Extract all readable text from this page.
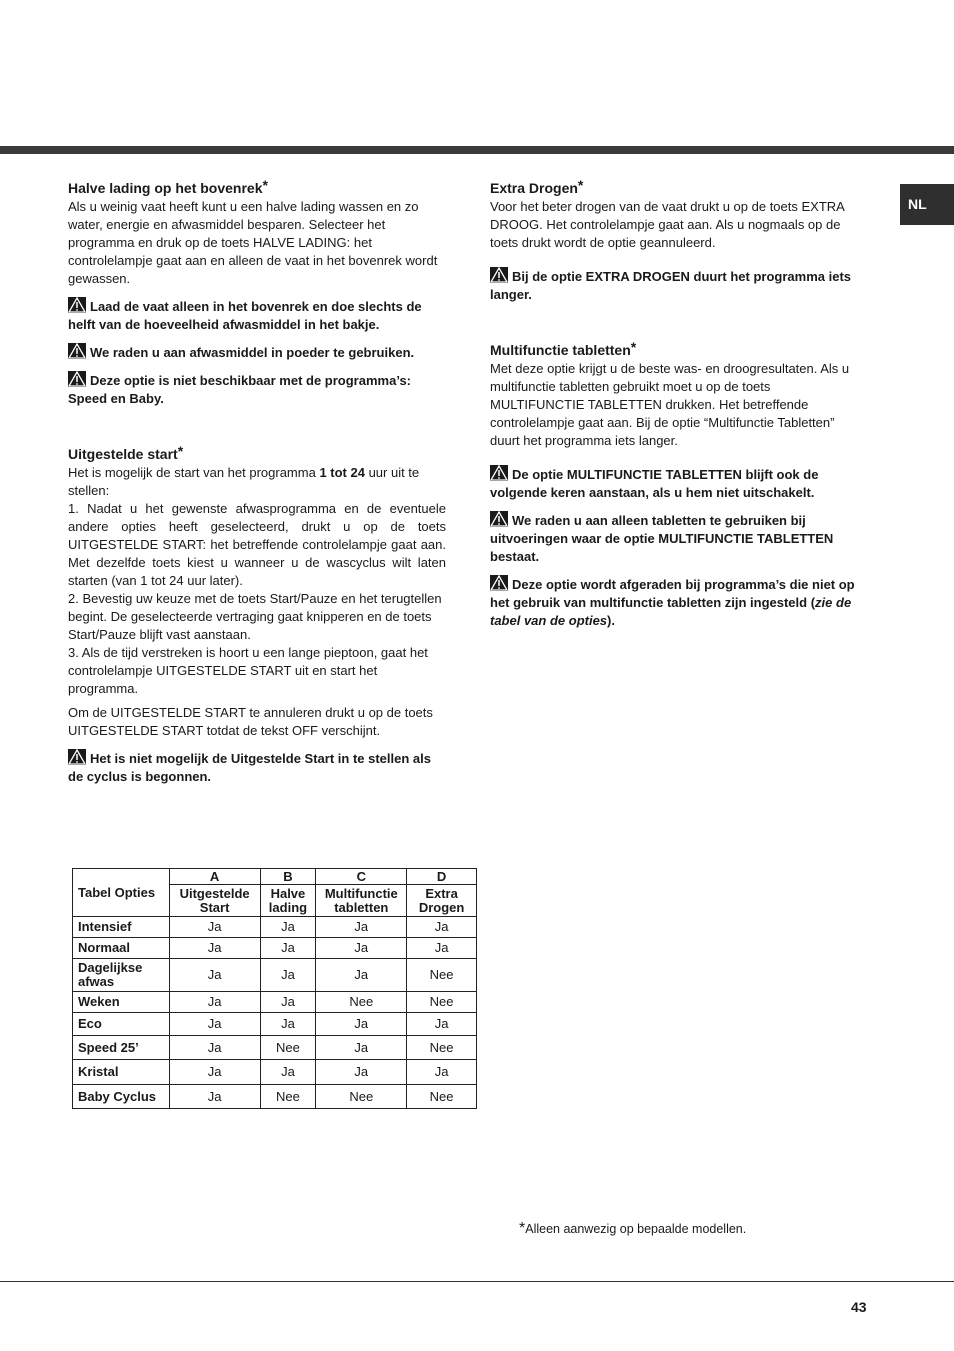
NL
Halve lading op het bovenrek*

Als u weinig vaat heeft kunt u een halve lading wassen en zo water, energie en afwasmiddel besparen. Selecteer het programma en druk op de toets HALVE LADING: het controlelampje gaat aan en alleen de vaat in het bovenrek wordt gewassen.

Laad de vaat alleen in het bovenrek en doe slechts de helft van de hoeveelheid afwasmiddel in het bakje.

We raden u aan afwasmiddel in poeder te gebruiken.

Deze optie is niet beschikbaar met de programma’s: Speed en Baby.

Uitgestelde start*

Het is mogelijk de start van het programma 1 tot 24 uur uit te stellen:

1. Nadat u het gewenste afwasprogramma en de eventuele andere opties heeft geselecteerd, drukt u op de toets UITGESTELDE START: het betreffende controlelampje gaat aan. Met dezelfde toets kiest u wanneer u de wascyclus wilt laten starten (van 1 tot 24 uur later).

2. Bevestig uw keuze met de toets Start/Pauze en het terugtellen begint. De geselecteerde vertraging gaat knipperen en de toets Start/Pauze blijft vast aanstaan.

3. Als de tijd verstreken is hoort u een lange pieptoon, gaat het controlelampje UITGESTELDE START uit en start het programma.

Om de UITGESTELDE START te annuleren drukt u op de toets UITGESTELDE START totdat de tekst OFF verschijnt.

Het is niet mogelijk de Uitgestelde Start in te stellen als de cyclus is begonnen.

Extra Drogen*

Voor het beter drogen van de vaat drukt u op de toets EXTRA DROOG. Het controlelampje gaat aan. Als u nogmaals op de toets drukt wordt de optie geannuleerd.

Bij de optie EXTRA DROGEN duurt het programma iets langer.

Multifunctie tabletten*

Met deze optie krijgt u de beste was- en droogresultaten. Als u multifunctie tabletten gebruikt moet u op de toets MULTIFUNCTIE TABLETTEN drukken. Het betreffende controlelampje gaat aan. Bij de optie “Multifunctie Tabletten” duurt het programma iets langer.

De optie MULTIFUNCTIE TABLETTEN blijft ook de volgende keren aanstaan, als u hem niet uitschakelt.

We raden u aan alleen tabletten te gebruiken bij uitvoeringen waar de optie MULTIFUNCTIE TABLETTEN bestaat.

Deze optie wordt afgeraden bij programma’s die niet op het gebruik van multifunctie tabletten zijn ingesteld (zie de tabel van de opties).

Tabel Opties	A	B	C	D
	Uitgestelde Start	Halve lading	Multifunctie tabletten	Extra Drogen
Intensief	Ja	Ja	Ja	Ja
Normaal	Ja	Ja	Ja	Ja
Dagelijkse afwas	Ja	Ja	Ja	Nee
Weken	Ja	Ja	Nee	Nee
Eco	Ja	Ja	Ja	Ja
Speed 25’	Ja	Nee	Ja	Nee
Kristal	Ja	Ja	Ja	Ja
Baby Cyclus	Ja	Nee	Nee	Nee
*Alleen aanwezig op bepaalde modellen.
43
